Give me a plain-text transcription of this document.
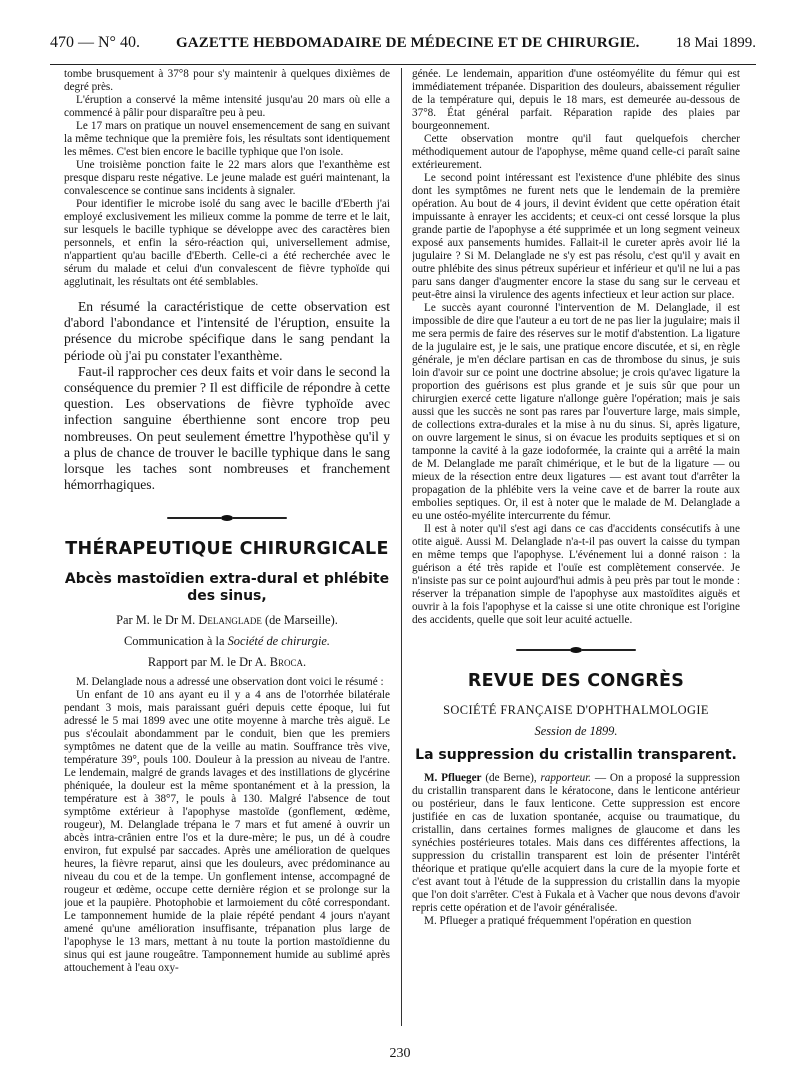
470 — N° 40. GAZETTE HEBDOMADAIRE DE MÉDECINE ET DE CHIRURGIE. 18 Mai 1899.

tombe brusquement à 37°8 pour s'y maintenir à quelques dixièmes de degré près.

L'éruption a conservé la même intensité jusqu'au 20 mars où elle a commencé à pâlir pour disparaître peu à peu.

Le 17 mars on pratique un nouvel ensemencement de sang en suivant la même technique que la première fois, les résultats sont identiquement les mêmes. C'est bien encore le bacille typhique que l'on isole.

Une troisième ponction faite le 22 mars alors que l'exanthème est presque disparu reste négative. Le jeune malade est guéri maintenant, la convalescence se continue sans incidents à signaler.

Pour identifier le microbe isolé du sang avec le bacille d'Eberth j'ai employé exclusivement les milieux comme la pomme de terre et le lait, sur lesquels le bacille typhique se développe avec des caractères bien personnels, et enfin la séro-réaction qui, universellement admise, n'appartient qu'au bacille d'Eberth. Celle-ci a été recherchée avec le sérum du malade et celui d'un convalescent de fièvre typhoïde qui agglutinait, les résultats ont été semblables.

En résumé la caractéristique de cette observation est d'abord l'abondance et l'intensité de l'éruption, ensuite la présence du microbe spécifique dans le sang pendant la période où j'ai pu constater l'exanthème.

Faut-il rapprocher ces deux faits et voir dans le second la conséquence du premier ? Il est difficile de répondre à cette question. Les observations de fièvre typhoïde avec infection sanguine éberthienne sont encore trop peu nombreuses. On peut seulement émettre l'hypothèse qu'il y a plus de chance de trouver le bacille typhique dans le sang lorsque les taches sont nombreuses et franchement hémorrhagiques.

THÉRAPEUTIQUE CHIRURGICALE
Abcès mastoïdien extra-dural et phlébite
des sinus,
Par M. le Dr M. Delanglade (de Marseille).
Communication à la Société de chirurgie.
Rapport par M. le Dr A. Broca.

M. Delanglade nous a adressé une observation dont voici le résumé :

Un enfant de 10 ans ayant eu il y a 4 ans de l'otorrhée bilatérale pendant 3 mois, mais paraissant guéri depuis cette époque, lui fut adressé le 5 mai 1899 avec une otite moyenne à marche très aiguë. Le pus s'écoulait abondamment par le conduit, bien que les premiers symptômes ne datent que de la veille au matin. Souffrance très vive, température 39°, pouls 100. Douleur à la pression au niveau de l'antre. Le lendemain, malgré de grands lavages et des instillations de glycérine phéniquée, la douleur est la même spontanément et à la pression, la température est à 38°7, le pouls à 130. Malgré l'absence de tout symptôme extérieur à l'apophyse mastoïde (gonflement, œdème, rougeur), M. Delanglade trépana le 7 mars et fut amené à ouvrir un abcès intra-crânien entre l'os et la dure-mère; le pus, un dé à coudre environ, fut expulsé par saccades. Après une amélioration de quelques heures, la fièvre reparut, ainsi que les douleurs, avec prédominance au niveau du cou et de la tempe. Un gonflement intense, accompagné de rougeur et œdème, occupe cette dernière région et se prolonge sur la joue et la paupière. Photophobie et larmoiement du côté correspondant. Le tamponnement humide de la plaie répété pendant 4 jours n'ayant amené qu'une amélioration insuffisante, trépanation plus large de l'apophyse le 13 mars, mettant à nu toute la portion mastoïdienne du sinus qui est jaune rougeâtre. Tamponnement humide au sublimé après attouchement à l'eau oxy-

génée. Le lendemain, apparition d'une ostéomyélite du fémur qui est immédiatement trépanée. Disparition des douleurs, abaissement régulier de la température qui, depuis le 18 mars, est demeurée au-dessous de 37°8. État général parfait. Réparation rapide des plaies par bourgeonnement.

Cette observation montre qu'il faut quelquefois chercher méthodiquement autour de l'apophyse, même quand celle-ci paraît saine extérieurement.

Le second point intéressant est l'existence d'une phlébite des sinus dont les symptômes ne furent nets que le lendemain de la première opération. Au bout de 4 jours, il devint évident que cette opération était impuissante à enrayer les accidents; et ceux-ci ont cessé lorsque la plus grande partie de l'apophyse a été supprimée et un long segment veineux exposé aux pansements humides. Fallait-il le cureter après avoir lié la jugulaire ? Si M. Delanglade ne s'y est pas résolu, c'est qu'il y avait en outre phlébite des sinus pétreux supérieur et inférieur et qu'il ne lui a pas paru sans danger d'augmenter encore la stase du sang sur le cerveau et peut-être ainsi la virulence des agents infectieux et leur action sur place.

Le succès ayant couronné l'intervention de M. Delanglade, il est impossible de dire que l'auteur a eu tort de ne pas lier la jugulaire; mais il me sera permis de faire des réserves sur le motif d'abstention. La ligature de la jugulaire est, je le sais, une pratique encore discutée, et si, en règle générale, je m'en déclare partisan en cas de thrombose du sinus, je suis loin d'avoir sur ce point une doctrine absolue; je crois qu'avec ligature la proportion des guérisons est plus grande et je suis sûr que pour un chirurgien exercé cette ligature n'allonge guère l'opération; mais je sais aussi que les succès ne sont pas rares par l'ouverture large, mais simple, de collections extra-durales et la mise à nu du sinus. Si, après ligature, on ouvre largement le sinus, si on évacue les produits septiques et si on tamponne la cavité à la gaze iodoformée, la crainte qui a arrêté la main de M. Delanglade me paraît chimérique, et le but de la ligature — ou mieux de la résection entre deux ligatures — est avant tout d'arrêter la propagation de la phlébite vers la veine cave et de barrer la route aux embolies septiques. Or, il est à noter que le malade de M. Delanglade a eu une ostéo-myélite intercurrente du fémur.

Il est à noter qu'il s'est agi dans ce cas d'accidents consécutifs à une otite aiguë. Aussi M. Delanglade n'a-t-il pas ouvert la caisse du tympan en même temps que l'apophyse. L'événement lui a donné raison : la guérison a été très rapide et l'ouïe est complètement conservée. Je n'insiste pas sur ce point aujourd'hui admis à peu près par tout le monde : réserver la trépanation simple de l'apophyse aux mastoïdites aiguës et ouvrir à la fois l'apophyse et la caisse si une otite chronique est l'origine des accidents, quelle que soit leur acuité actuelle.

REVUE DES CONGRÈS
SOCIÉTÉ FRANÇAISE D'OPHTHALMOLOGIE
Session de 1899.
La suppression du cristallin transparent.

M. Pflueger (de Berne), rapporteur. — On a proposé la suppression du cristallin transparent dans le kératocone, dans le lenticone antérieur ou postérieur, dans le faux lenticone. Cette suppression est encore justifiée en cas de luxation spontanée, acquise ou traumatique, du cristallin, dans certaines formes malignes de glaucome et dans les synéchies postérieures totales. Mais dans ces différentes affections, la suppression du cristallin transparent est loin de présenter l'intérêt théorique et pratique qu'elle acquiert dans la cure de la myopie forte et c'est avant tout à l'étude de la suppression du cristallin dans la myopie que l'on doit s'arrêter. C'est à Fukala et à Vacher que nous devons d'avoir repris cette opération et de l'avoir généralisée.

M. Pflueger a pratiqué fréquemment l'opération en question

230
